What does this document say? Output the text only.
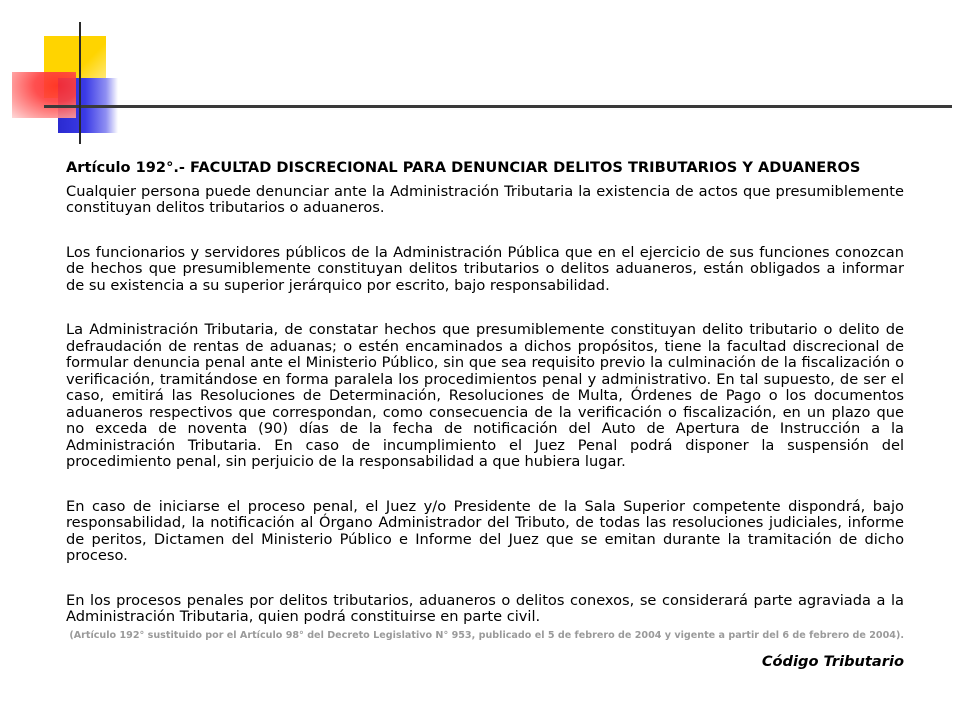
Artículo 192°.- FACULTAD DISCRECIONAL PARA DENUNCIAR DELITOS TRIBUTARIOS Y ADUANEROS

Cualquier persona puede denunciar ante la Administración Tributaria la existencia de actos que presumiblemente constituyan delitos tributarios o aduaneros.

Los funcionarios y servidores públicos de la Administración Pública que en el ejercicio de sus funciones conozcan de hechos que presumiblemente constituyan delitos tributarios o delitos aduaneros, están obligados a informar de su existencia a su superior jerárquico por escrito, bajo responsabilidad.

La Administración Tributaria, de constatar hechos que presumiblemente constituyan delito tributario o delito de defraudación de rentas de aduanas; o estén encaminados a dichos propósitos, tiene la facultad discrecional de formular denuncia penal ante el Ministerio Público, sin que sea requisito previo la culminación de la fiscalización o verificación, tramitándose en forma paralela los procedimientos penal y administrativo. En tal supuesto, de ser el caso, emitirá las Resoluciones de Determinación, Resoluciones de Multa, Órdenes de Pago o los documentos aduaneros respectivos que correspondan, como consecuencia de la verificación o fiscalización, en un plazo que no exceda de noventa (90) días de la fecha de notificación del Auto de Apertura de Instrucción a la Administración Tributaria. En caso de incumplimiento el Juez Penal podrá disponer la suspensión del procedimiento penal, sin perjuicio de la responsabilidad a que hubiera lugar.

En caso de iniciarse el proceso penal, el Juez y/o Presidente de la Sala Superior competente dispondrá, bajo responsabilidad, la notificación al Órgano Administrador del Tributo, de todas las resoluciones judiciales, informe de peritos, Dictamen del Ministerio Público e Informe del Juez que se emitan durante la tramitación de dicho proceso.

En los procesos penales por delitos tributarios, aduaneros o delitos conexos, se considerará parte agraviada a la Administración Tributaria, quien podrá constituirse en parte civil.

(Artículo 192° sustituido por el Artículo 98° del Decreto Legislativo N° 953, publicado el 5 de febrero de 2004 y vigente a partir del 6 de febrero de 2004).

Código Tributario
